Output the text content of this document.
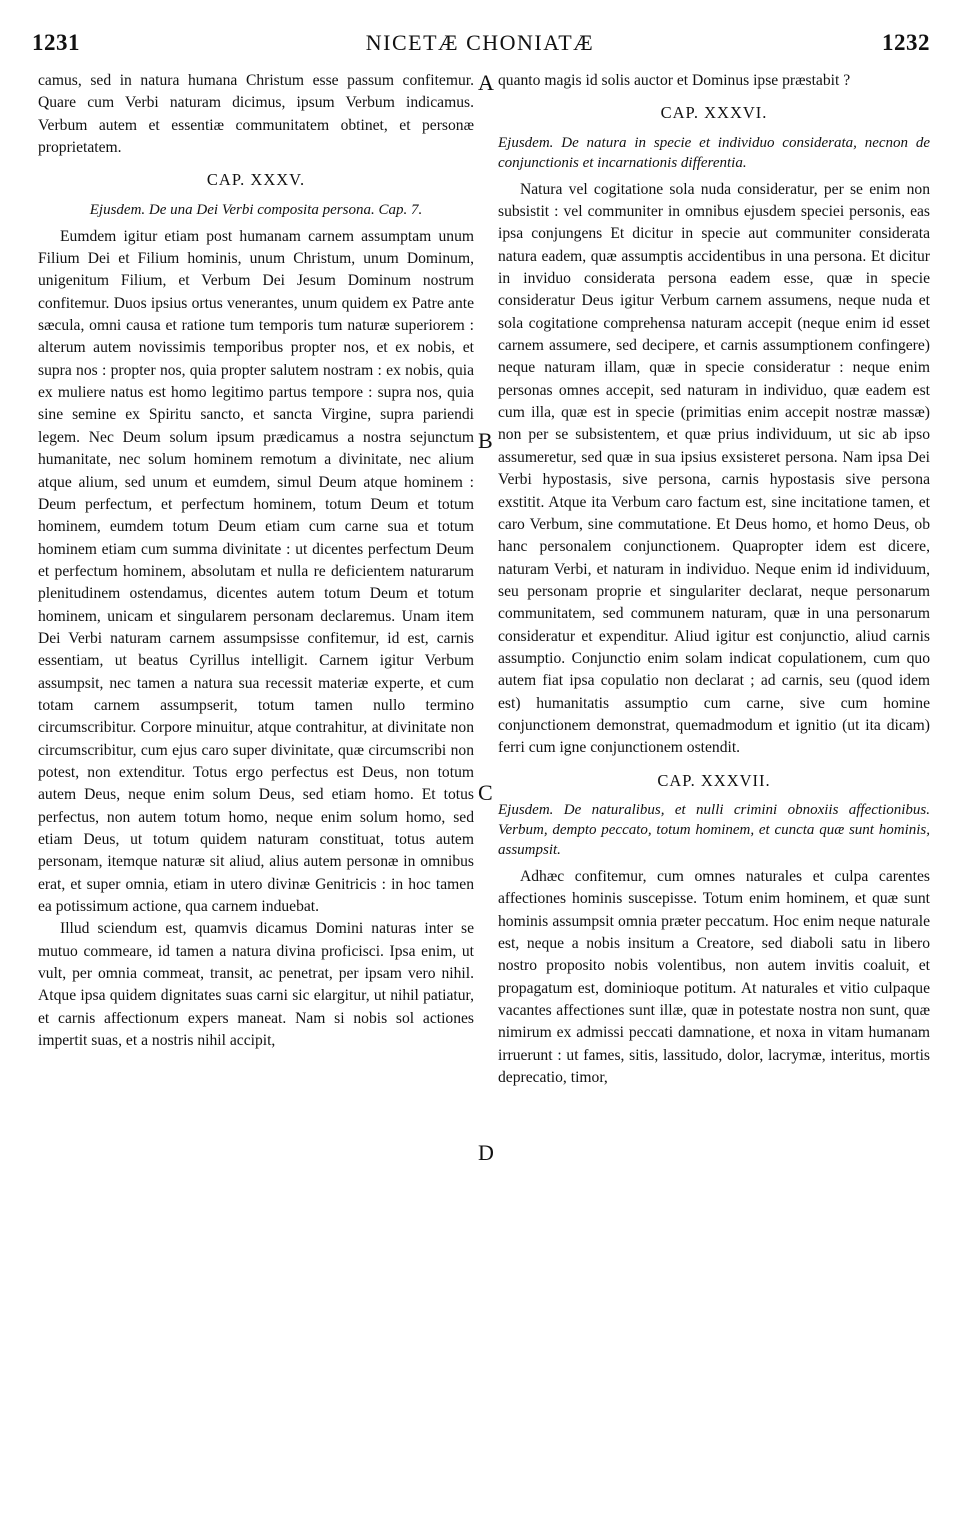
1231	NICETÆ CHONIATÆ	1232

camus, sed in natura humana Christum esse passum confitemur. Quare cum Verbi naturam dicimus, ipsum Verbum indicamus. Verbum autem et essentiæ communitatem obtinet, et personæ proprietatem.

CAP. XXXV.
Ejusdem. De una Dei Verbi composita persona. Cap. 7.

Eumdem igitur etiam post humanam carnem assumptam unum Filium Dei et Filium hominis, unum Christum, unum Dominum, unigenitum Filium, et Verbum Dei Jesum Dominum nostrum confitemur. Duos ipsius ortus venerantes, unum quidem ex Patre ante sæcula, omni causa et ratione tum temporis tum naturæ superiorem : alterum autem novissimis temporibus propter nos, et ex nobis, et supra nos : propter nos, quia propter salutem nostram : ex nobis, quia ex muliere natus est homo legitimo partus tempore : supra nos, quia sine semine ex Spiritu sancto, et sancta Virgine, supra pariendi legem. Nec Deum solum ipsum prædicamus a nostra sejunctum humanitate, nec solum hominem remotum a divinitate, nec alium atque alium, sed unum et eumdem, simul Deum atque hominem : Deum perfectum, et perfectum hominem, totum Deum et totum hominem, eumdem totum Deum etiam cum carne sua et totum hominem etiam cum summa divinitate : ut dicentes perfectum Deum et perfectum hominem, absolutam et nulla re deficientem naturarum plenitudinem ostendamus, dicentes autem totum Deum et totum hominem, unicam et singularem personam declaremus. Unam item Dei Verbi naturam carnem assumpsisse confitemur, id est, carnis essentiam, ut beatus Cyrillus intelligit. Carnem igitur Verbum assumpsit, nec tamen a natura sua recessit materiæ experte, et cum totam carnem assumpserit, totum tamen nullo termino circumscribitur. Corpore minuitur, atque contrahitur, at divinitate non circumscribitur, cum ejus caro super divinitate, quæ circumscribi non potest, non extenditur. Totus ergo perfectus est Deus, non totum autem Deus, neque enim solum Deus, sed etiam homo. Et totus perfectus, non autem totum homo, neque enim solum homo, sed etiam Deus, ut totum quidem naturam constituat, totus autem personam, itemque naturæ sit aliud, alius autem personæ in omnibus erat, et super omnia, etiam in utero divinæ Genitricis : in hoc tamen ea potissimum actione, qua carnem induebat.

Illud sciendum est, quamvis dicamus Domini naturas inter se mutuo commeare, id tamen a natura divina proficisci. Ipsa enim, ut vult, per omnia commeat, transit, ac penetrat, per ipsam vero nihil. Atque ipsa quidem dignitates suas carni sic elargitur, ut nihil patiatur, et carnis affectionum expers maneat. Nam si nobis sol actiones impertit suas, et a nostris nihil accipit,

A
B
C
D

quanto magis id solis auctor et Dominus ipse præstabit ?

CAP. XXXVI.
Ejusdem. De natura in specie et individuo considerata, necnon de conjunctionis et incarnationis differentia.

Natura vel cogitatione sola nuda consideratur, per se enim non subsistit : vel communiter in omnibus ejusdem speciei personis, eas ipsa conjungens Et dicitur in specie aut communiter considerata natura eadem, quæ assumptis accidentibus in una persona. Et dicitur in inviduo considerata persona eadem esse, quæ in specie consideratur Deus igitur Verbum carnem assumens, neque nuda et sola cogitatione comprehensa naturam accepit (neque enim id esset carnem assumere, sed decipere, et carnis assumptionem confingere) neque naturam illam, quæ in specie consideratur : neque enim personas omnes accepit, sed naturam in individuo, quæ eadem est cum illa, quæ est in specie (primitias enim accepit nostræ massæ) non per se subsistentem, et quæ prius individuum, ut sic ab ipso assumeretur, sed quæ in sua ipsius exsisteret persona. Nam ipsa Dei Verbi hypostasis, sive persona, carnis hypostasis sive persona exstitit. Atque ita Verbum caro factum est, sine incitatione tamen, et caro Verbum, sine commutatione. Et Deus homo, et homo Deus, ob hanc personalem conjunctionem. Quapropter idem est dicere, naturam Verbi, et naturam in individuo. Neque enim id individuum, seu personam proprie et singulariter declarat, neque personarum communitatem, sed communem naturam, quæ in una personarum consideratur et expenditur. Aliud igitur est conjunctio, aliud carnis assumptio. Conjunctio enim solam indicat copulationem, cum quo autem fiat ipsa copulatio non declarat ; ad carnis, seu (quod idem est) humanitatis assumptio cum carne, sive cum homine conjunctionem demonstrat, quemadmodum et ignitio (ut ita dicam) ferri cum igne conjunctionem ostendit.

CAP. XXXVII.
Ejusdem. De naturalibus, et nulli crimini obnoxiis affectionibus. Verbum, dempto peccato, totum hominem, et cuncta quæ sunt hominis, assumpsit.

Adhæc confitemur, cum omnes naturales et culpa carentes affectiones hominis suscepisse. Totum enim hominem, et quæ sunt hominis assumpsit omnia præter peccatum. Hoc enim neque naturale est, neque a nobis insitum a Creatore, sed diaboli satu in libero nostro proposito nobis volentibus, non autem invitis coaluit, et propagatum est, dominioque potitum. At naturales et vitio culpaque vacantes affectiones sunt illæ, quæ in potestate nostra non sunt, quæ nimirum ex admissi peccati damnatione, et noxa in vitam humanam irruerunt : ut fames, sitis, lassitudo, dolor, lacrymæ, interitus, mortis deprecatio, timor,
